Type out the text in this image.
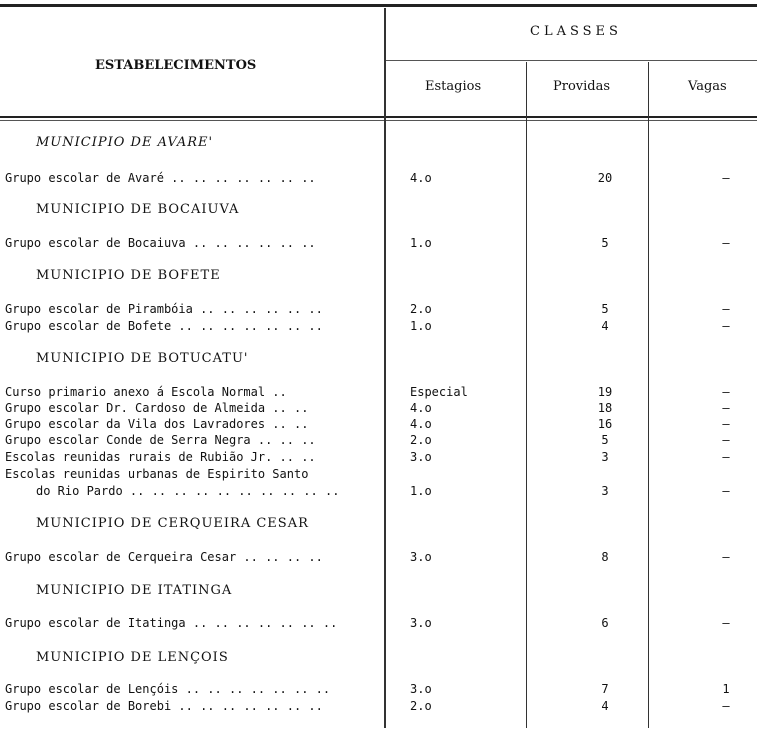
ESTABELECIMENTOS
CLASSES
Estagios	Providas	Vagas
MUNICIPIO DE AVARE'
Grupo escolar de Avaré .. .. .. .. .. .. ..	4.o	20	—
MUNICIPIO DE BOCAIUVA
Grupo escolar de Bocaiuva .. .. .. .. .. ..	1.o	5	—
MUNICIPIO DE BOFETE
Grupo escolar de Pirambóia .. .. .. .. .. ..	2.o	5	—
Grupo escolar de Bofete .. .. .. .. .. .. ..	1.o	4	—
MUNICIPIO DE BOTUCATU'
Curso primario anexo á Escola Normal ..	Especial	19	—
Grupo escolar Dr. Cardoso de Almeida .. ..	4.o	18	—
Grupo escolar da Vila dos Lavradores .. ..	4.o	16	—
Grupo escolar Conde de Serra Negra .. .. ..	2.o	5	—
Escolas reunidas rurais de Rubião Jr. .. ..	3.o	3	—
Escolas reunidas urbanas de Espirito Santo
do Rio Pardo .. .. .. .. .. .. .. .. .. ..	1.o	3	—
MUNICIPIO DE CERQUEIRA CESAR
Grupo escolar de Cerqueira Cesar .. .. .. ..	3.o	8	—
MUNICIPIO DE ITATINGA
Grupo escolar de Itatinga .. .. .. .. .. .. ..	3.o	6	—
MUNICIPIO DE LENÇOIS
Grupo escolar de Lençóis .. .. .. .. .. .. ..	3.o	7	1
Grupo escolar de Borebi .. .. .. .. .. .. ..	2.o	4	—
